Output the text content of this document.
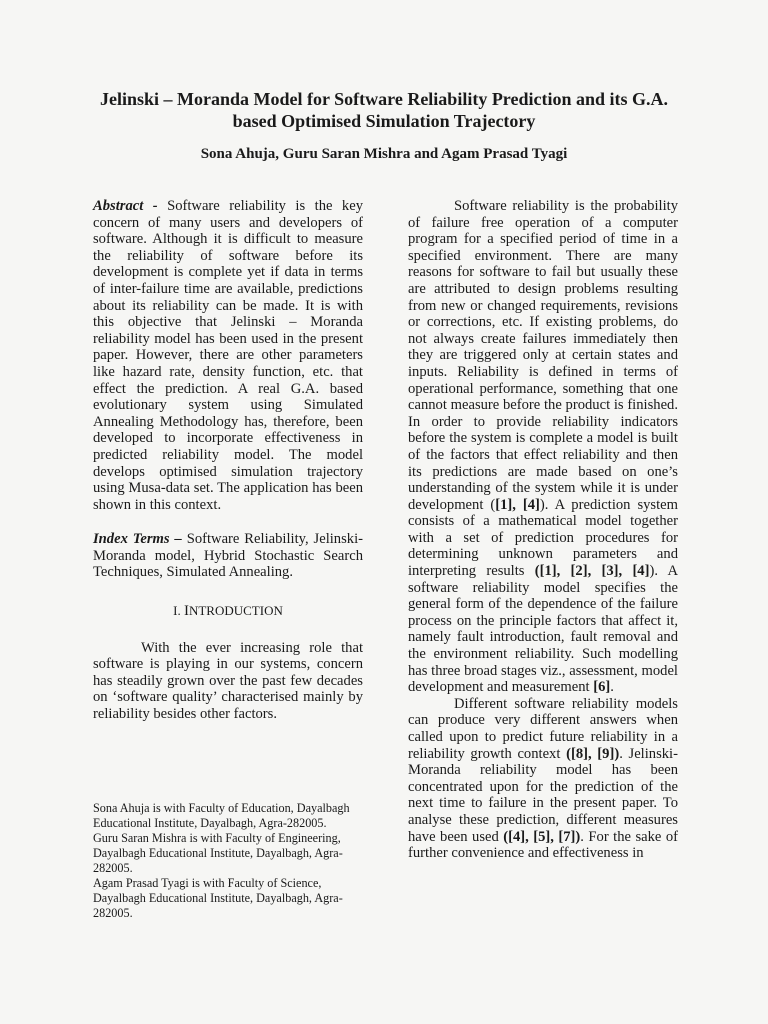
Jelinski – Moranda Model for Software Reliability Prediction and its G.A.
based Optimised Simulation Trajectory
Sona Ahuja, Guru Saran Mishra and Agam Prasad Tyagi

Abstract - Software reliability is the key concern of many users and developers of software. Although it is difficult to measure the reliability of software before its development is complete yet if data in terms of inter-failure time are available, predictions about its reliability can be made. It is with this objective that Jelinski – Moranda reliability model has been used in the present paper. However, there are other parameters like hazard rate, density function, etc. that effect the prediction. A real G.A. based evolutionary system using Simulated Annealing Methodology has, therefore, been developed to incorporate effectiveness in predicted reliability model. The model develops optimised simulation trajectory using Musa-data set. The application has been shown in this context.

Index Terms – Software Reliability, Jelinski-Moranda model, Hybrid Stochastic Search Techniques, Simulated Annealing.

I. INTRODUCTION

With the ever increasing role that software is playing in our systems, concern has steadily grown over the past few decades on ‘software quality’ characterised mainly by reliability besides other factors.

Sona Ahuja is with Faculty of Education, Dayalbagh Educational Institute, Dayalbagh, Agra-282005.

Guru Saran Mishra is with Faculty of Engineering, Dayalbagh Educational Institute, Dayalbagh, Agra-282005.

Agam Prasad Tyagi is with Faculty of Science, Dayalbagh Educational Institute, Dayalbagh, Agra-282005.

Software reliability is the probability of failure free operation of a computer program for a specified period of time in a specified environment. There are many reasons for software to fail but usually these are attributed to design problems resulting from new or changed requirements, revisions or corrections, etc. If existing problems, do not always create failures immediately then they are triggered only at certain states and inputs. Reliability is defined in terms of operational performance, something that one cannot measure before the product is finished. In order to provide reliability indicators before the system is complete a model is built of the factors that effect reliability and then its predictions are made based on one’s understanding of the system while it is under development ([1], [4]). A prediction system consists of a mathematical model together with a set of prediction procedures for determining unknown parameters and interpreting results ([1], [2], [3], [4]). A software reliability model specifies the general form of the dependence of the failure process on the principle factors that affect it, namely fault introduction, fault removal and the environment reliability. Such modelling has three broad stages viz., assessment, model development and measurement [6].

Different software reliability models can produce very different answers when called upon to predict future reliability in a reliability growth context ([8], [9]). Jelinski-Moranda reliability model has been concentrated upon for the prediction of the next time to failure in the present paper. To analyse these prediction, different measures have been used ([4], [5], [7]). For the sake of further convenience and effectiveness in
